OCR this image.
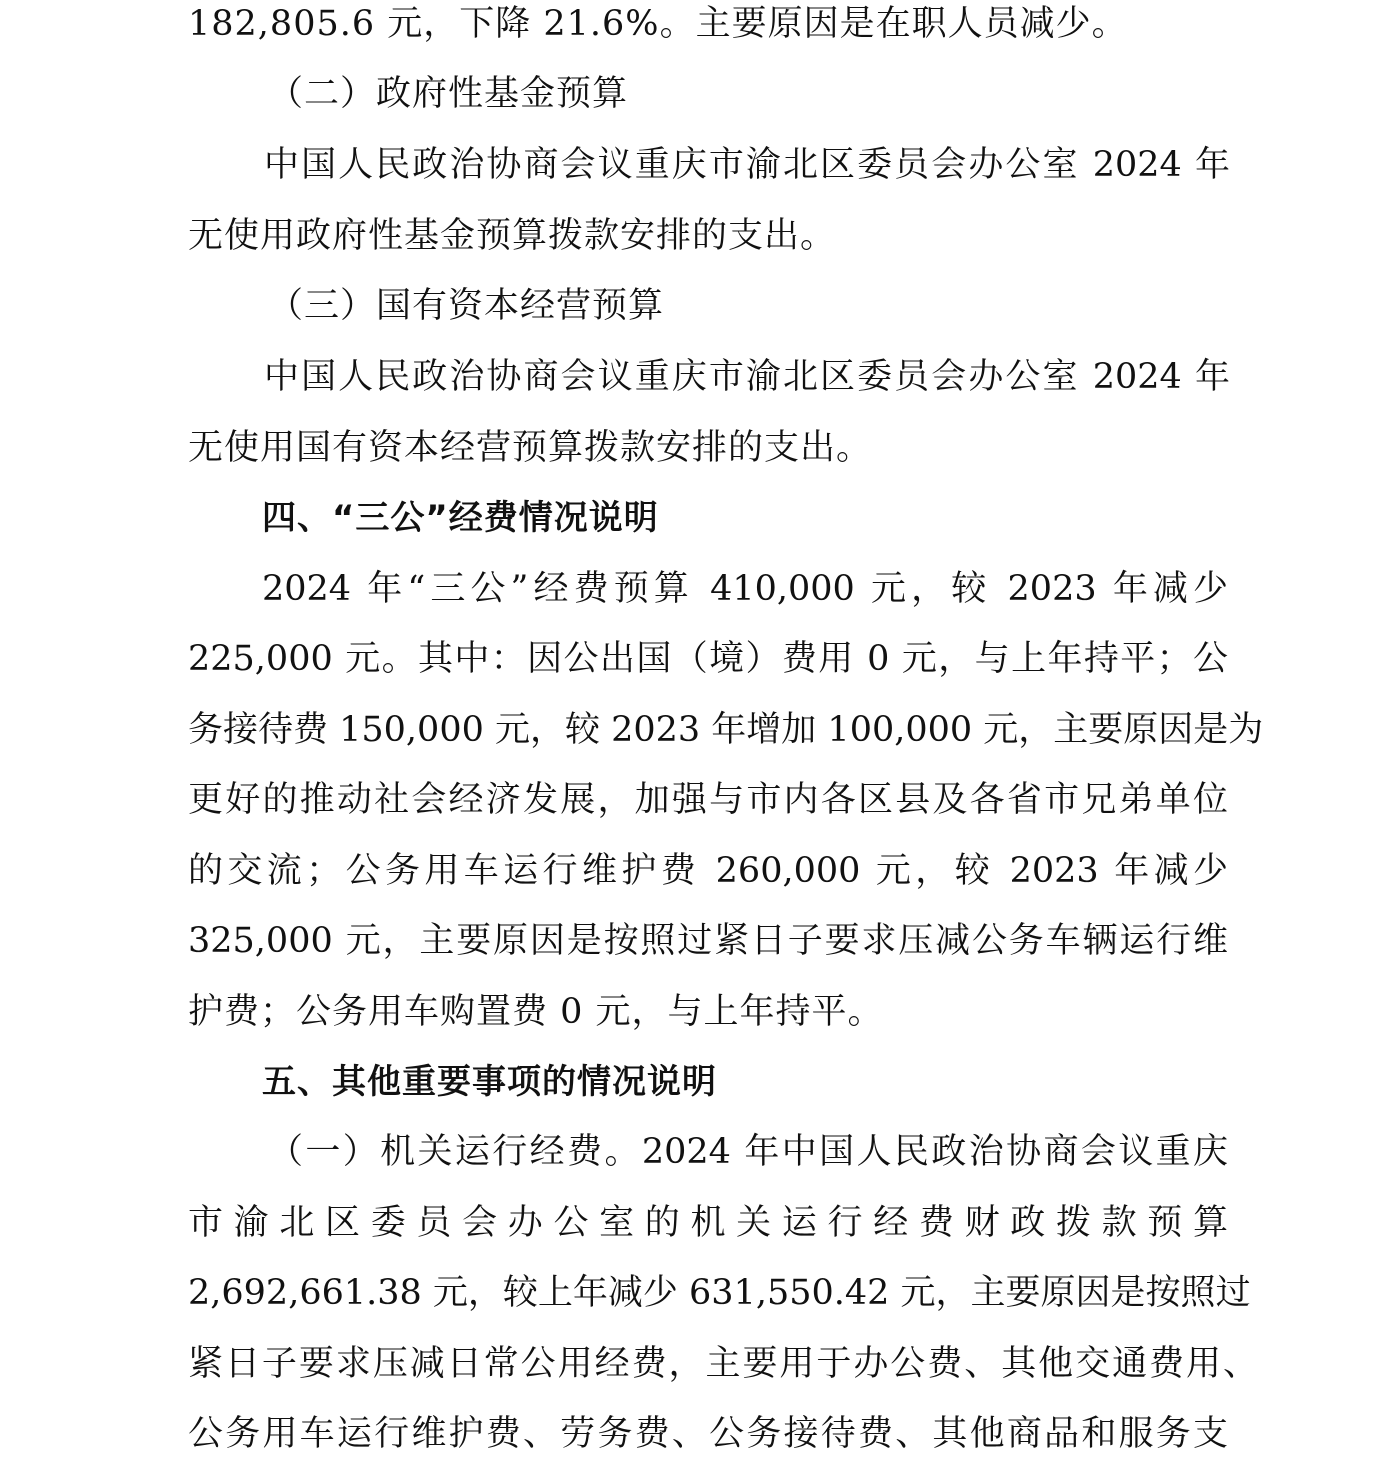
182,805.6 元，下降 21.6%。主要原因是在职人员减少。
（二）政府性基金预算
中国人民政治协商会议重庆市渝北区委员会办公室 2024 年
无使用政府性基金预算拨款安排的支出。
（三）国有资本经营预算
中国人民政治协商会议重庆市渝北区委员会办公室 2024 年
无使用国有资本经营预算拨款安排的支出。
四、“三公”经费情况说明
2024 年“三公”经费预算 410,000 元，较 2023 年减少
225,000 元。其中：因公出国（境）费用 0 元，与上年持平；公
务接待费 150,000 元，较 2023 年增加 100,000 元，主要原因是为
更好的推动社会经济发展，加强与市内各区县及各省市兄弟单位
的交流；公务用车运行维护费 260,000 元，较 2023 年减少
325,000 元，主要原因是按照过紧日子要求压减公务车辆运行维
护费；公务用车购置费 0 元，与上年持平。
五、其他重要事项的情况说明
（一）机关运行经费。2024 年中国人民政治协商会议重庆
市渝北区委员会办公室的机关运行经费财政拨款预算
2,692,661.38 元，较上年减少 631,550.42 元，主要原因是按照过
紧日子要求压减日常公用经费，主要用于办公费、其他交通费用、
公务用车运行维护费、劳务费、公务接待费、其他商品和服务支
